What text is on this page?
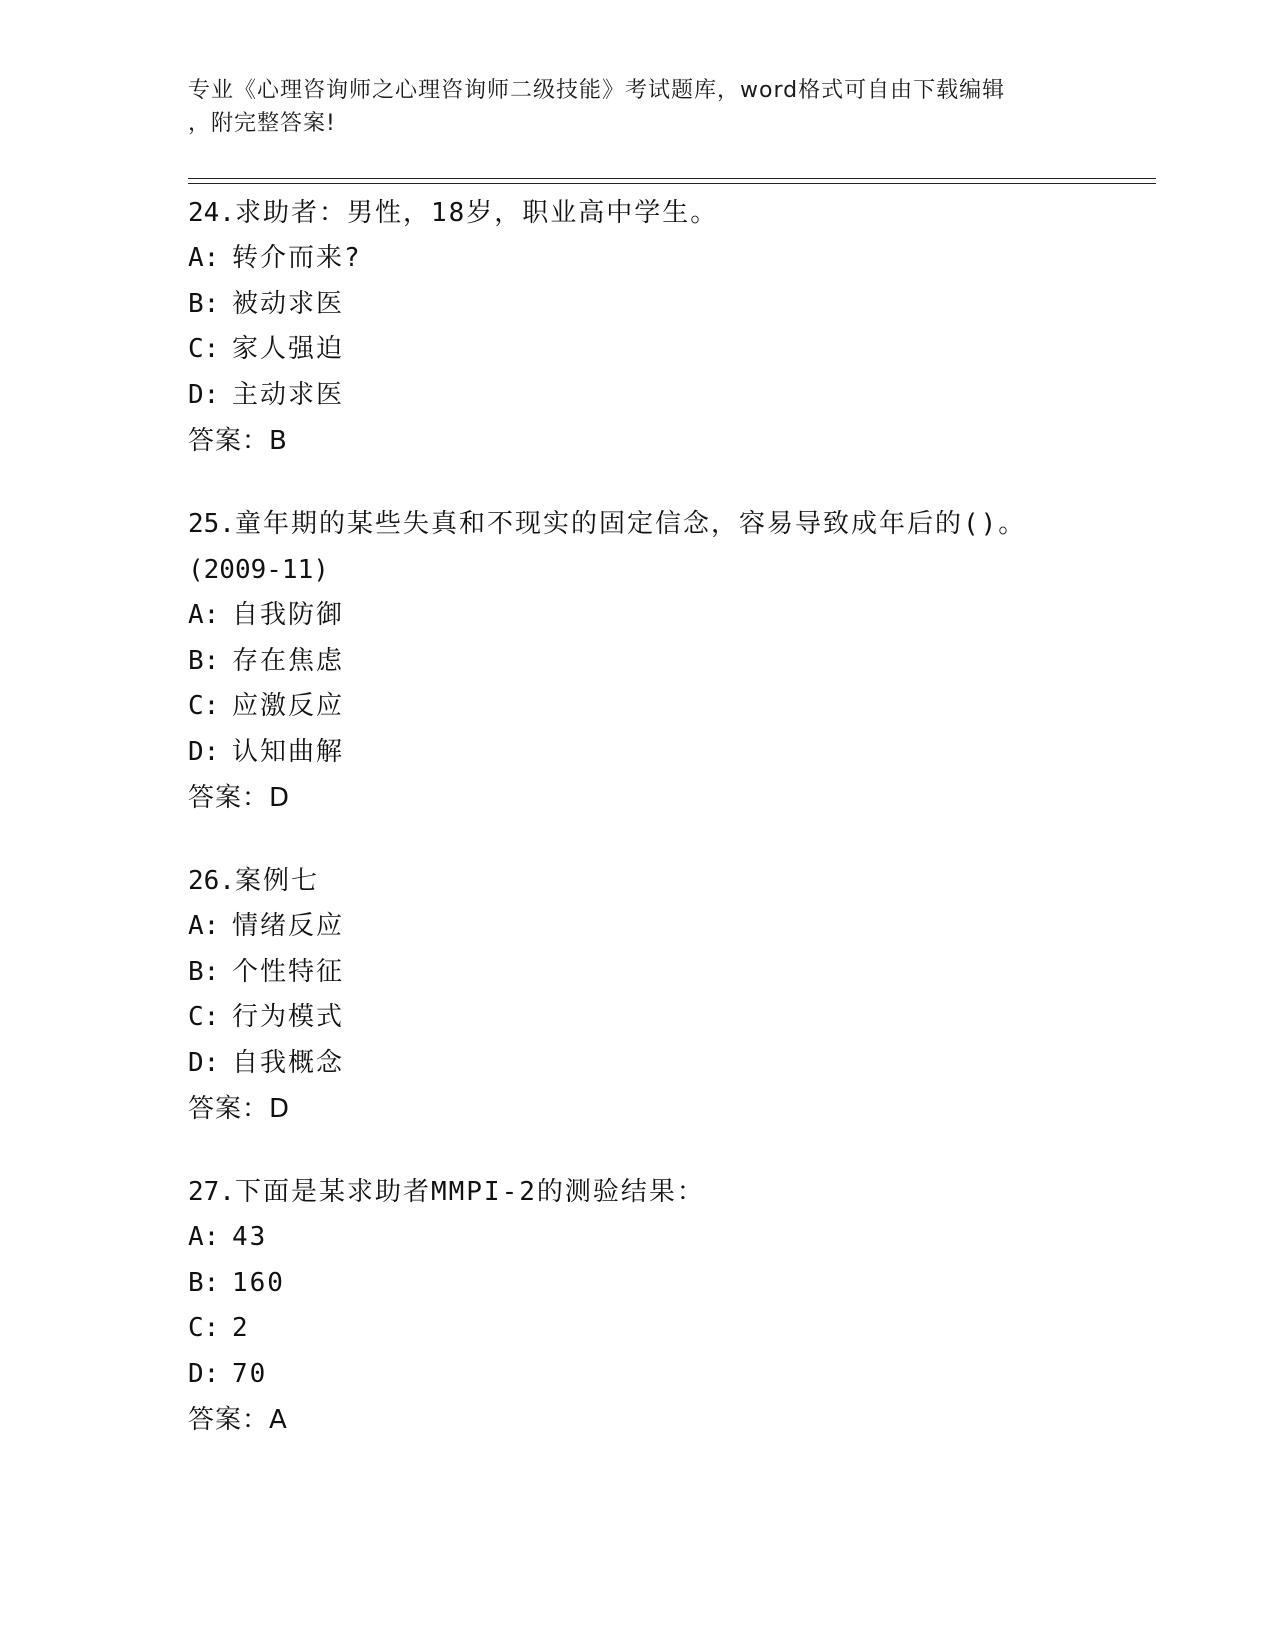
专业《心理咨询师之心理咨询师二级技能》考试题库，word格式可自由下载编辑
，附完整答案!
24.求助者：男性，18岁，职业高中学生。
A: 转介而来?
B: 被动求医
C: 家人强迫
D: 主动求医
答案：B
25.童年期的某些失真和不现实的固定信念，容易导致成年后的()。
(2009-11)
A: 自我防御
B: 存在焦虑
C: 应激反应
D: 认知曲解
答案：D
26.案例七
A: 情绪反应
B: 个性特征
C: 行为模式
D: 自我概念
答案：D
27.下面是某求助者MMPI-2的测验结果：
A: 43
B: 160
C: 2
D: 70
答案：A
